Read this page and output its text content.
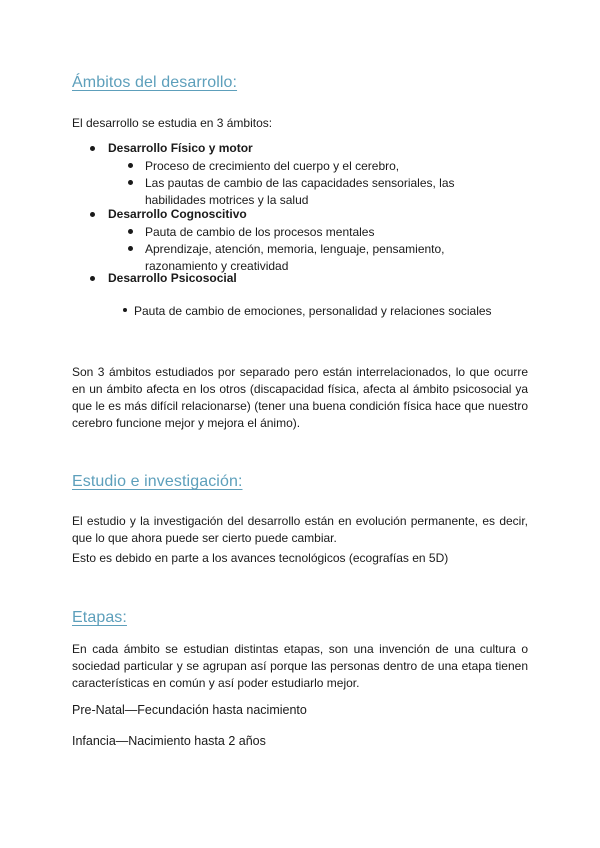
Ámbitos del desarrollo:
El desarrollo se estudia en 3 ámbitos:
Desarrollo Físico y motor
Proceso de crecimiento del cuerpo y el cerebro,
Las pautas de cambio de las capacidades sensoriales, las habilidades motrices y la salud
Desarrollo Cognoscitivo
Pauta de cambio de los procesos mentales
Aprendizaje, atención, memoria, lenguaje, pensamiento, razonamiento y creatividad
Desarrollo Psicosocial
Pauta de cambio de emociones, personalidad y relaciones sociales
Son 3 ámbitos estudiados por separado pero están interrelacionados, lo que ocurre en un ámbito afecta en los otros (discapacidad física, afecta al ámbito psicosocial ya que le es más difícil relacionarse) (tener una buena condición física hace que nuestro cerebro funcione mejor y mejora el ánimo).
Estudio e investigación:
El estudio y la investigación del desarrollo están en evolución permanente, es decir, que lo que ahora puede ser cierto puede cambiar.
Esto es debido en parte a los avances tecnológicos (ecografías en 5D)
Etapas:
En cada ámbito se estudian distintas etapas, son una invención de una cultura o sociedad particular y se agrupan así porque las personas dentro de una etapa tienen características en común y así poder estudiarlo mejor.
Pre-Natal—Fecundación hasta nacimiento
Infancia—Nacimiento hasta 2 años
